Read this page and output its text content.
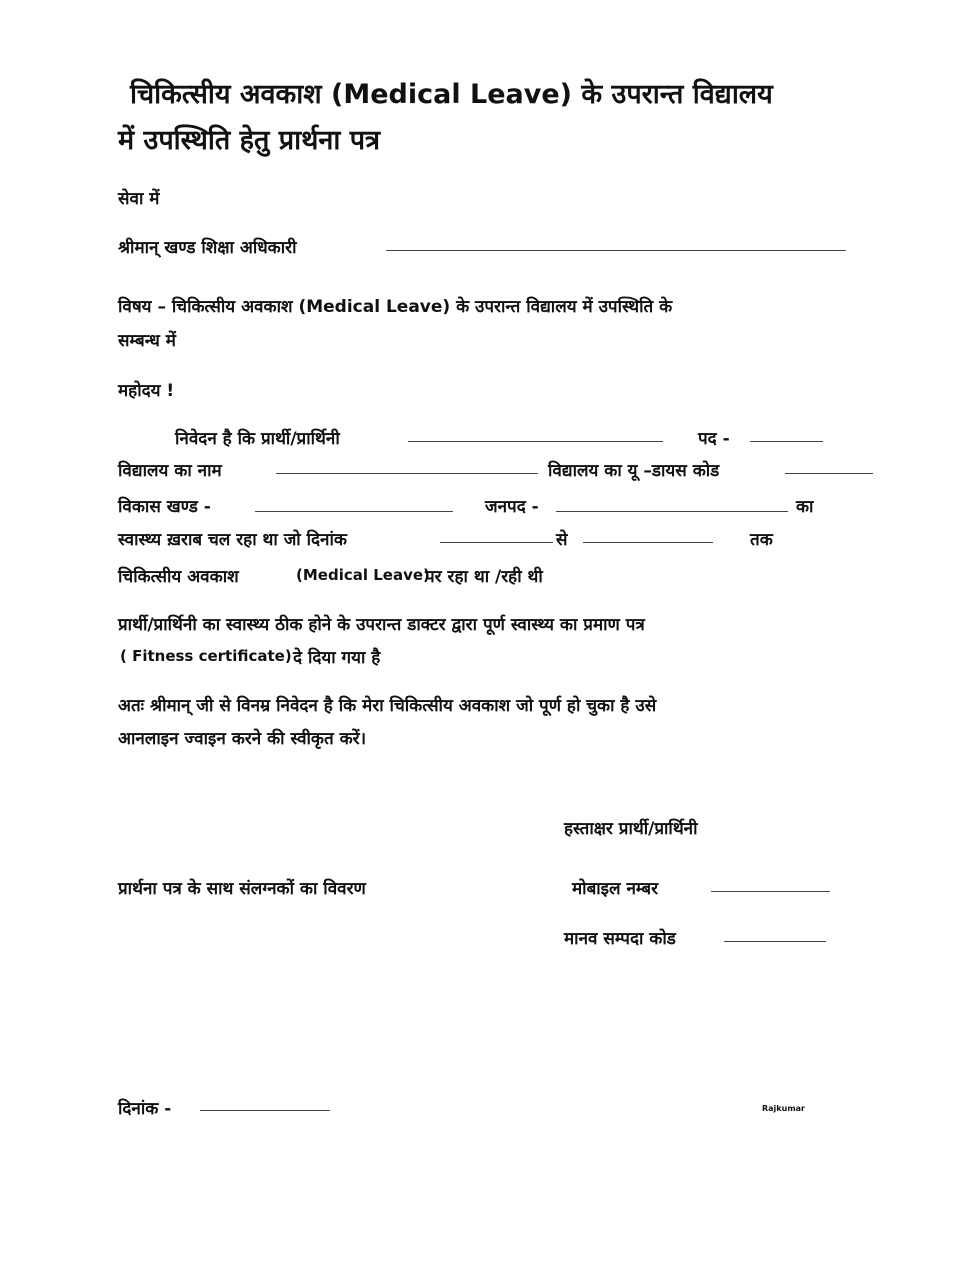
चिकित्सीय अवकाश (Medical Leave) के उपरान्त विद्यालय
में उपस्थिति हेतु प्रार्थना पत्र
सेवा में
श्रीमान् खण्ड शिक्षा अधिकारी
विषय – चिकित्सीय अवकाश (Medical Leave) के उपरान्त विद्यालय में उपस्थिति के
सम्बन्ध में
महोदय !
निवेदन है कि प्रार्थी/प्रार्थिनी	पद -
विद्यालय का नाम	विद्यालय का यू –डायस कोड
विकास खण्ड -	जनपद -	का
स्वास्थ्य ख़राब चल रहा था जो दिनांक	से	तक
चिकित्सीय अवकाश	(Medical Leave)
पर रहा था /रही थी
प्रार्थी/प्रार्थिनी का स्वास्थ्य ठीक होने के उपरान्त डाक्टर द्वारा पूर्ण स्वास्थ्य का प्रमाण पत्र
( Fitness certificate) दे दिया गया है
अतः श्रीमान् जी से विनम्र निवेदन है कि मेरा चिकित्सीय अवकाश जो पूर्ण हो चुका है उसे
आनलाइन ज्वाइन करने की स्वीकृत करें।
हस्ताक्षर प्रार्थी/प्रार्थिनी
प्रार्थना पत्र के साथ संलग्नकों का विवरण	मोबाइल नम्बर
मानव सम्पदा कोड
दिनांक -	Rajkumar
